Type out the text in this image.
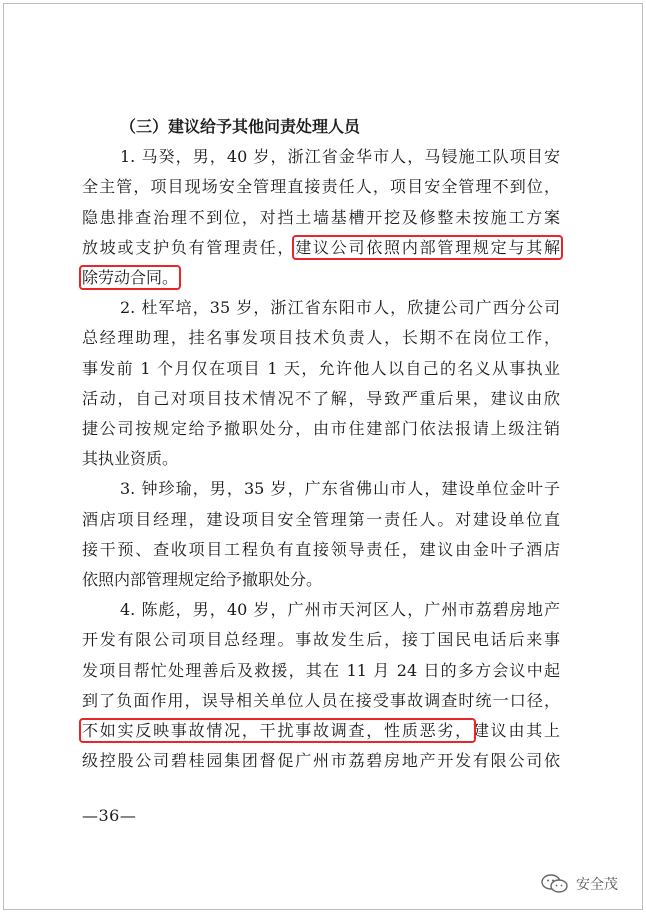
（三）建议给予其他问责处理人员

1. 马癸，男，40 岁，浙江省金华市人，马锓施工队项目安
全主管，项目现场安全管理直接责任人，项目安全管理不到位，
隐患排查治理不到位，对挡土墙基槽开挖及修整未按施工方案
放坡或支护负有管理责任，建议公司依照内部管理规定与其解
除劳动合同。
2. 杜军培，35 岁，浙江省东阳市人，欣捷公司广西分公司
总经理助理，挂名事发项目技术负责人，长期不在岗位工作，
事发前 1 个月仅在项目 1 天，允许他人以自己的名义从事执业
活动，自己对项目技术情况不了解，导致严重后果，建议由欣
捷公司按规定给予撤职处分，由市住建部门依法报请上级注销
其执业资质。
3. 钟珍瑜，男，35 岁，广东省佛山市人，建设单位金叶子
酒店项目经理，建设项目安全管理第一责任人。对建设单位直
接干预、查收项目工程负有直接领导责任，建议由金叶子酒店
依照内部管理规定给予撤职处分。
4. 陈彪，男，40 岁，广州市天河区人，广州市荔碧房地产
开发有限公司项目总经理。事故发生后，接丁国民电话后来事
发项目帮忙处理善后及救援，其在 11 月 24 日的多方会议中起
到了负面作用，误导相关单位人员在接受事故调查时统一口径，
不如实反映事故情况，干扰事故调查，性质恶劣，建议由其上
级控股公司碧桂园集团督促广州市荔碧房地产开发有限公司依
—36—
安全茂
